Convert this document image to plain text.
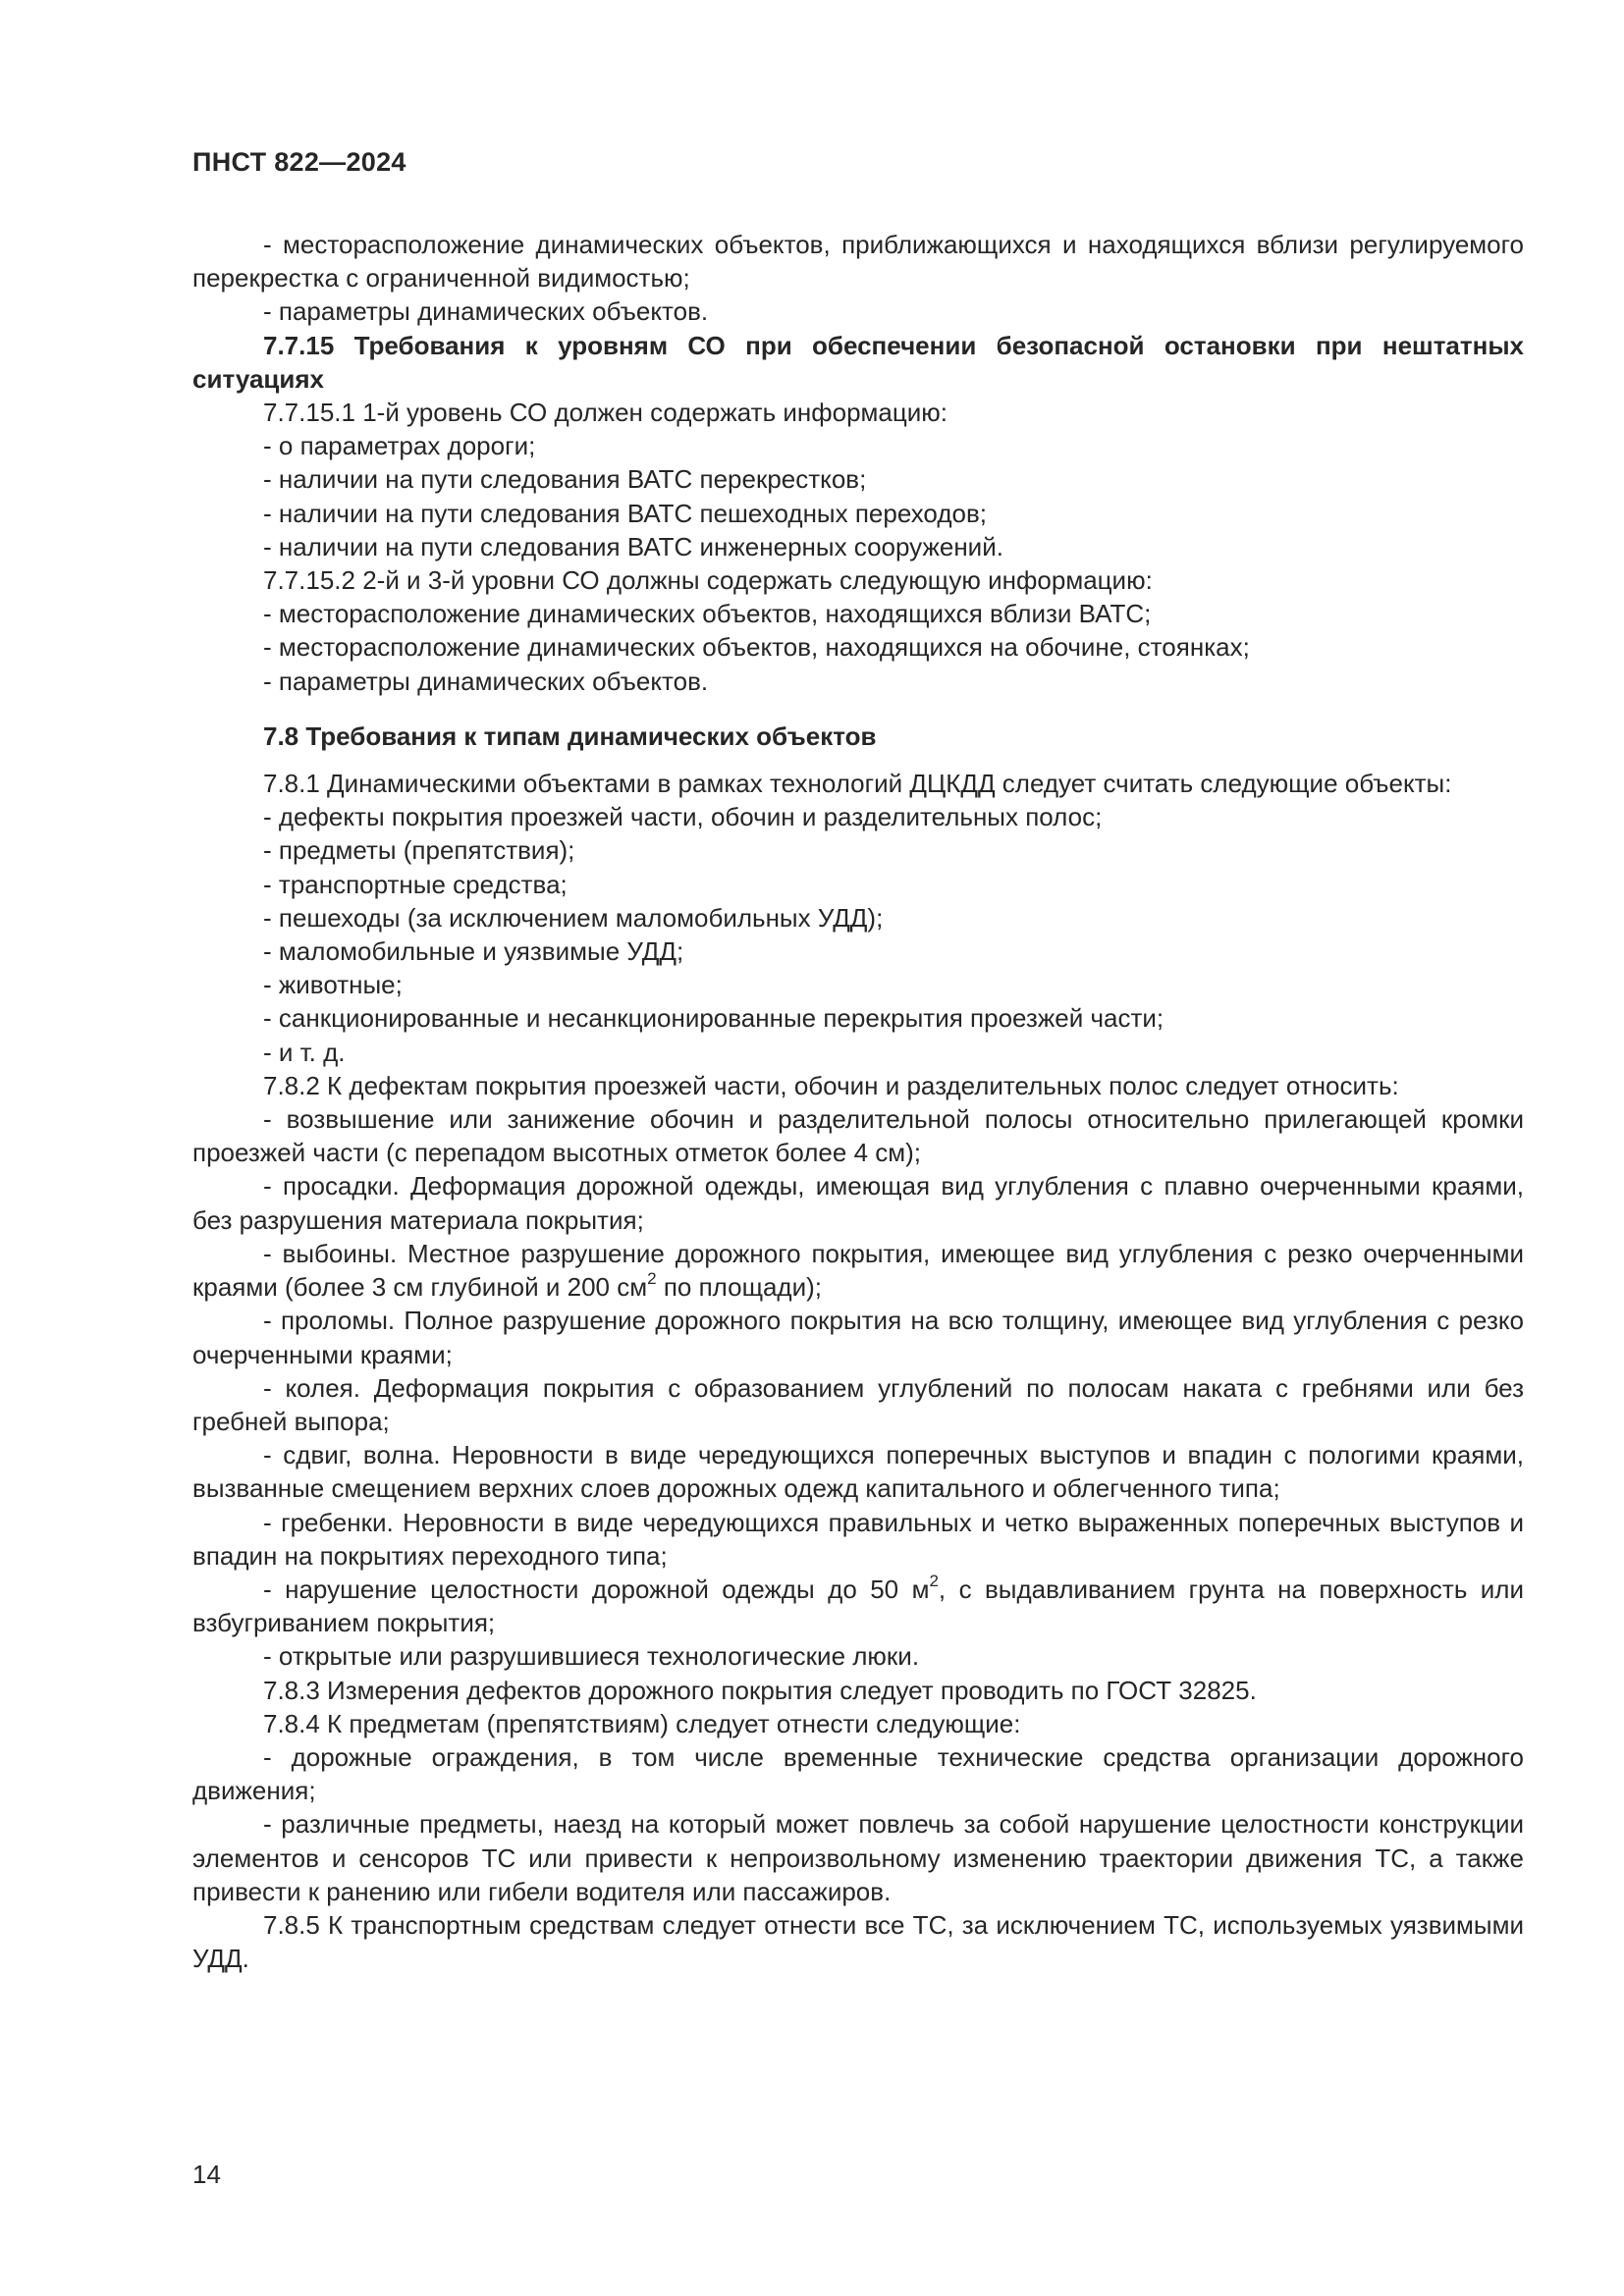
ПНСТ 822—2024

- месторасположение динамических объектов, приближающихся и находящихся вблизи регулируемого перекрестка с ограниченной видимостью;

- параметры динамических объектов.

7.7.15 Требования к уровням СО при обеспечении безопасной остановки при нештатных ситуациях

7.7.15.1 1-й уровень СО должен содержать информацию:

- о параметрах дороги;

- наличии на пути следования ВАТС перекрестков;

- наличии на пути следования ВАТС пешеходных переходов;

- наличии на пути следования ВАТС инженерных сооружений.

7.7.15.2 2-й и 3-й уровни СО должны содержать следующую информацию:

- месторасположение динамических объектов, находящихся вблизи ВАТС;

- месторасположение динамических объектов, находящихся на обочине, стоянках;

- параметры динамических объектов.

7.8 Требования к типам динамических объектов

7.8.1 Динамическими объектами в рамках технологий ДЦКДД следует считать следующие объекты:

- дефекты покрытия проезжей части, обочин и разделительных полос;

- предметы (препятствия);

- транспортные средства;

- пешеходы (за исключением маломобильных УДД);

- маломобильные и уязвимые УДД;

- животные;

- санкционированные и несанкционированные перекрытия проезжей части;

- и т. д.

7.8.2 К дефектам покрытия проезжей части, обочин и разделительных полос следует относить:

- возвышение или занижение обочин и разделительной полосы относительно прилегающей кромки проезжей части (с перепадом высотных отметок более 4 см);

- просадки. Деформация дорожной одежды, имеющая вид углубления с плавно очерченными краями, без разрушения материала покрытия;

- выбоины. Местное разрушение дорожного покрытия, имеющее вид углубления с резко очерченными краями (более 3 см глубиной и 200 $см^2$ по площади);

- проломы. Полное разрушение дорожного покрытия на всю толщину, имеющее вид углубления с резко очерченными краями;

- колея. Деформация покрытия с образованием углублений по полосам наката с гребнями или без гребней выпора;

- сдвиг, волна. Неровности в виде чередующихся поперечных выступов и впадин с пологими краями, вызванные смещением верхних слоев дорожных одежд капитального и облегченного типа;

- гребенки. Неровности в виде чередующихся правильных и четко выраженных поперечных выступов и впадин на покрытиях переходного типа;

- нарушение целостности дорожной одежды до 50 $м^2$, с выдавливанием грунта на поверхность или взбугриванием покрытия;

- открытые или разрушившиеся технологические люки.

7.8.3 Измерения дефектов дорожного покрытия следует проводить по ГОСТ 32825.

7.8.4 К предметам (препятствиям) следует отнести следующие:

- дорожные ограждения, в том числе временные технические средства организации дорожного движения;

- различные предметы, наезд на который может повлечь за собой нарушение целостности конструкции элементов и сенсоров ТС или привести к непроизвольному изменению траектории движения ТС, а также привести к ранению или гибели водителя или пассажиров.

7.8.5 К транспортным средствам следует отнести все ТС, за исключением ТС, используемых уязвимыми УДД.

14
